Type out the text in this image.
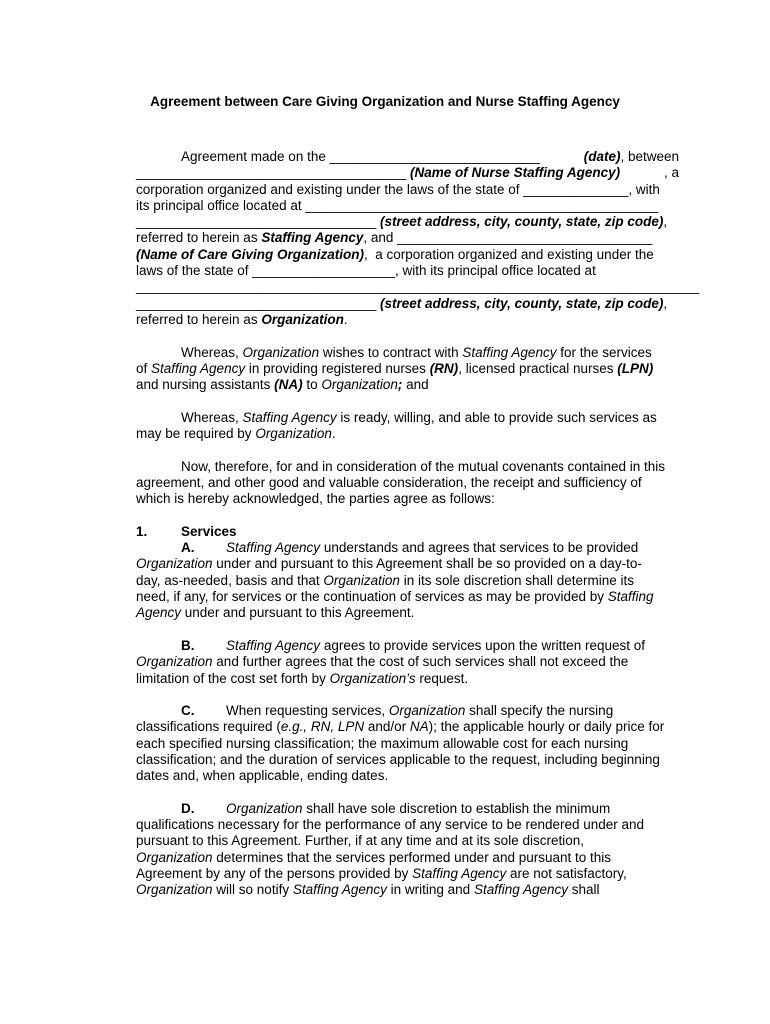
Agreement between Care Giving Organization and Nurse Staffing Agency
Agreement made on the ____________________________	(date), between
____________________________________ (Name of Nurse Staffing Agency)	, a
corporation organized and existing under the laws of the state of ______________, with
its principal office located at _______________________________________________
________________________________ (street address, city, county, state, zip code),
referred to herein as Staffing Agency, and __________________________________
(Name of Care Giving Organization),  a corporation organized and existing under the
laws of the state of ___________________, with its principal office located at
___________________________________________________________________________
________________________________ (street address, city, county, state, zip code),
referred to herein as Organization.
Whereas, Organization wishes to contract with Staffing Agency for the services
of Staffing Agency in providing registered nurses (RN), licensed practical nurses (LPN)
and nursing assistants (NA) to Organization; and
Whereas, Staffing Agency is ready, willing, and able to provide such services as
may be required by Organization.
Now, therefore, for and in consideration of the mutual covenants contained in this
agreement, and other good and valuable consideration, the receipt and sufficiency of
which is hereby acknowledged, the parties agree as follows:
1. Services
A. Staffing Agency understands and agrees that services to be provided
Organization under and pursuant to this Agreement shall be so provided on a day-to-
day, as-needed, basis and that Organization in its sole discretion shall determine its
need, if any, for services or the continuation of services as may be provided by Staffing
Agency under and pursuant to this Agreement.
B. Staffing Agency agrees to provide services upon the written request of
Organization and further agrees that the cost of such services shall not exceed the
limitation of the cost set forth by Organization’s request.
C. When requesting services, Organization shall specify the nursing
classifications required (e.g., RN, LPN and/or NA); the applicable hourly or daily price for
each specified nursing classification; the maximum allowable cost for each nursing
classification; and the duration of services applicable to the request, including beginning
dates and, when applicable, ending dates.
D. Organization shall have sole discretion to establish the minimum
qualifications necessary for the performance of any service to be rendered under and
pursuant to this Agreement. Further, if at any time and at its sole discretion,
Organization determines that the services performed under and pursuant to this
Agreement by any of the persons provided by Staffing Agency are not satisfactory,
Organization will so notify Staffing Agency in writing and Staffing Agency shall
